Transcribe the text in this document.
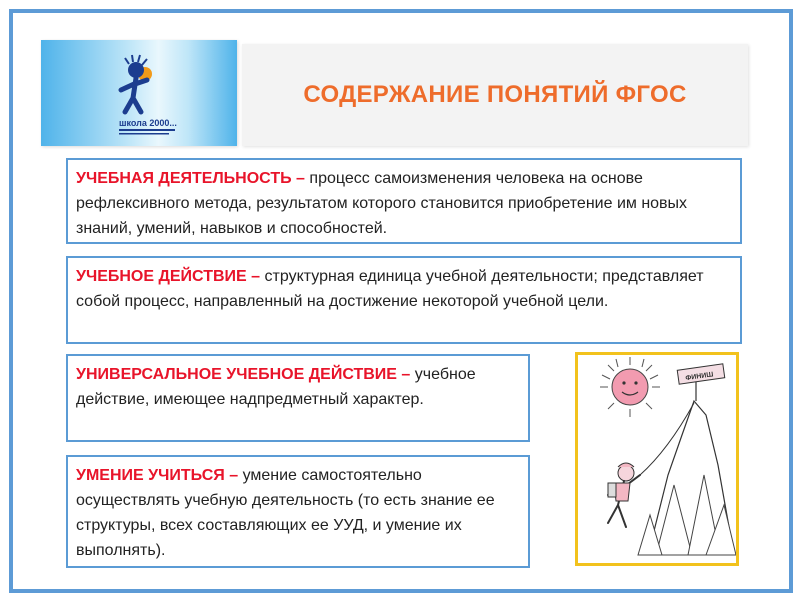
школа 2000...
СОДЕРЖАНИЕ ПОНЯТИЙ ФГОС
УЧЕБНАЯ ДЕЯТЕЛЬНОСТЬ – процесс самоизменения человека на основе рефлексивного метода, результатом которого становится приобретение им новых знаний, умений, навыков и способностей.
УЧЕБНОЕ ДЕЙСТВИЕ – структурная единица учебной деятельности; представляет собой процесс, направленный на достижение некоторой учебной цели.
УНИВЕРСАЛЬНОЕ УЧЕБНОЕ ДЕЙСТВИЕ – учебное действие, имеющее надпредметный характер.
УМЕНИЕ УЧИТЬСЯ – умение самостоятельно осуществлять учебную деятельность (то есть знание ее структуры, всех составляющих ее УУД, и умение их выполнять).
ФИНИШ
